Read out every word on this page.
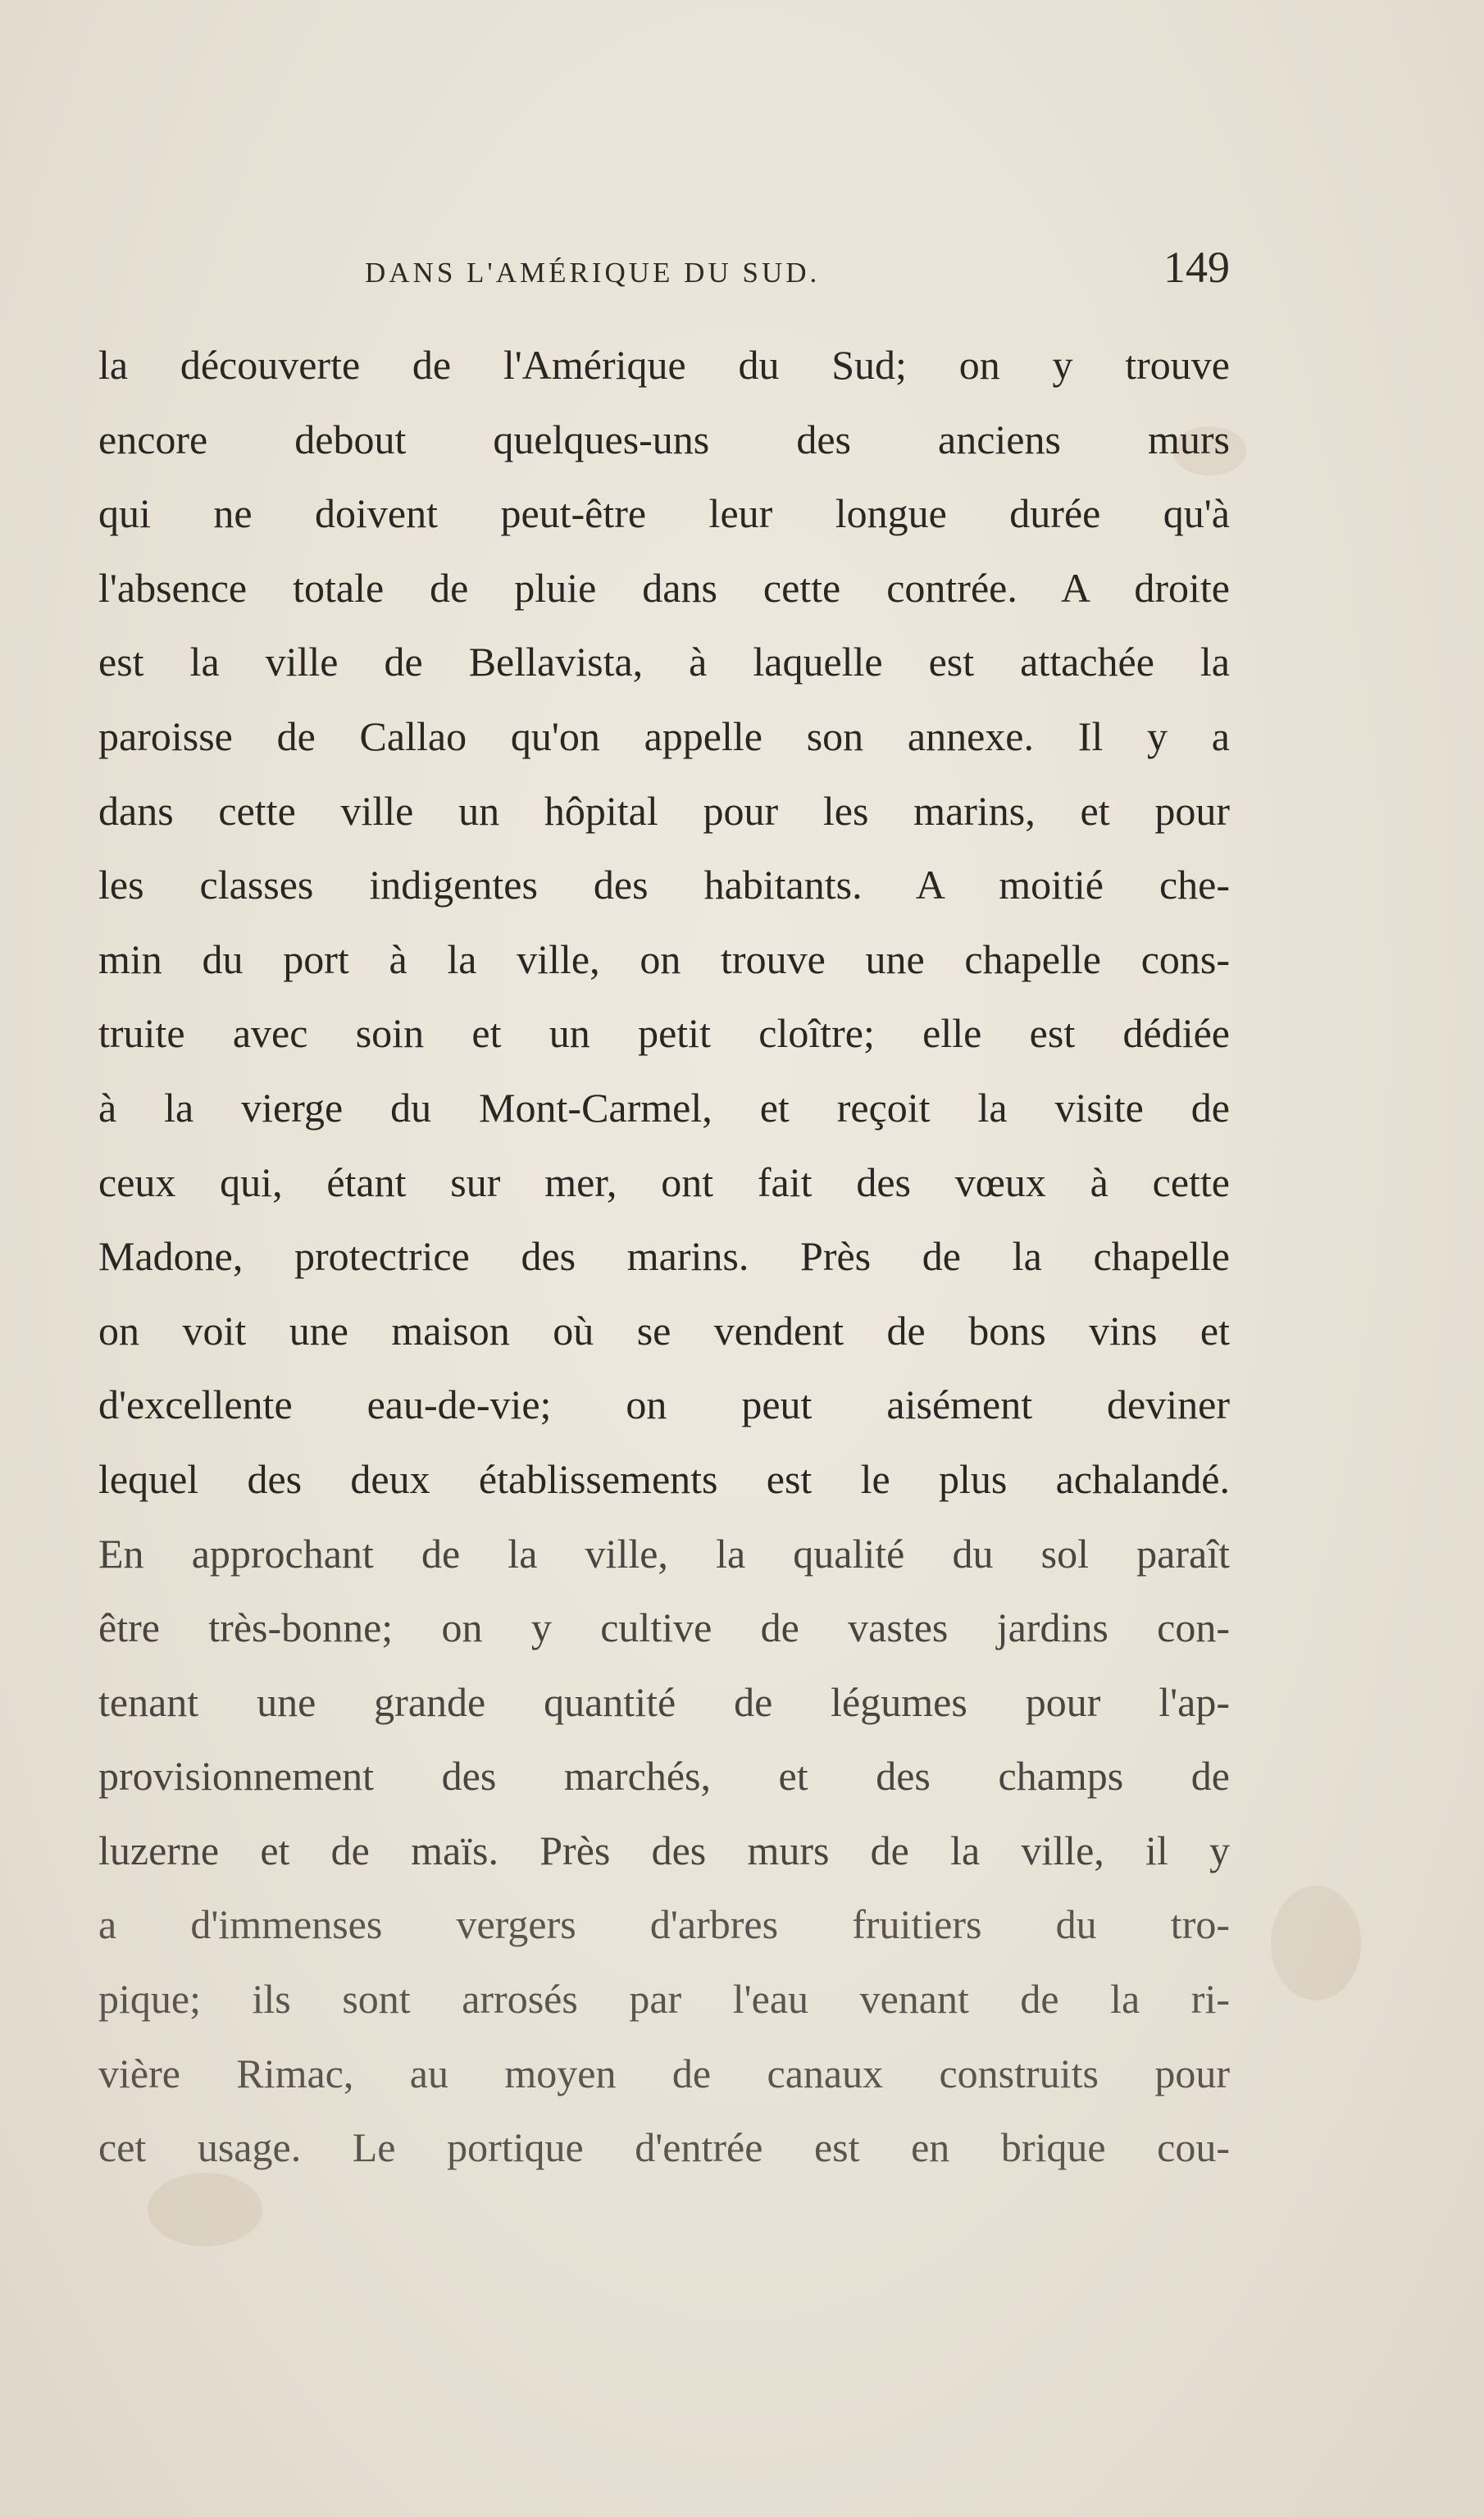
DANS L'AMÉRIQUE DU SUD.	149
la découverte de l'Amérique du Sud; on y trouve
encore debout quelques-uns des anciens murs
qui ne doivent peut-être leur longue durée qu'à
l'absence totale de pluie dans cette contrée. A droite
est la ville de Bellavista, à laquelle est attachée la
paroisse de Callao qu'on appelle son annexe. Il y a
dans cette ville un hôpital pour les marins, et pour
les classes indigentes des habitants. A moitié che-
min du port à la ville, on trouve une chapelle cons-
truite avec soin et un petit cloître; elle est dédiée
à la vierge du Mont-Carmel, et reçoit la visite de
ceux qui, étant sur mer, ont fait des vœux à cette
Madone, protectrice des marins. Près de la chapelle
on voit une maison où se vendent de bons vins et
d'excellente eau-de-vie; on peut aisément deviner
lequel des deux établissements est le plus achalandé.
En approchant de la ville, la qualité du sol paraît
être très-bonne; on y cultive de vastes jardins con-
tenant une grande quantité de légumes pour l'ap-
provisionnement des marchés, et des champs de
luzerne et de maïs. Près des murs de la ville, il y
a d'immenses vergers d'arbres fruitiers du tro-
pique; ils sont arrosés par l'eau venant de la ri-
vière Rimac, au moyen de canaux construits pour
cet usage. Le portique d'entrée est en brique cou-
